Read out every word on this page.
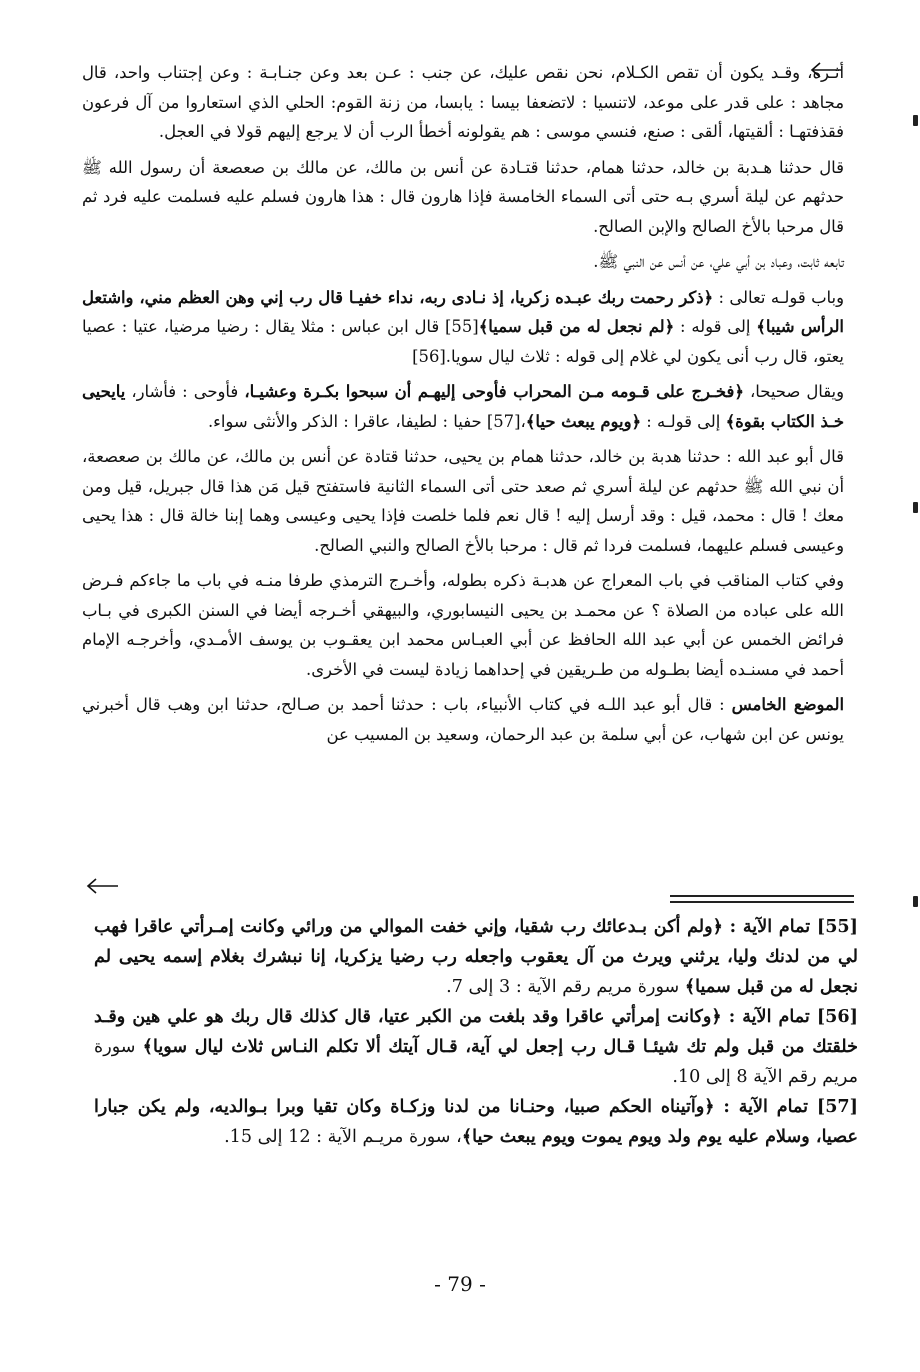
أثـره، وقـد يكون أن تقص الكـلام، نحن نقص عليك، عن جنب : عـن بعد وعن جنـابـة : وعن إجتناب واحد، قال مجاهد : على قدر على موعد، لاتنسيا : لاتضعفا بيسا : يابسا، من زنة القوم: الحلي الذي استعاروا من آل فرعون فقذفتهـا : ألقيتها، ألقى : صنع، فنسي موسى : هم يقولونه أخطأ الرب أن لا يرجع إليهم قولا في العجل.

قال حدثنا هـدبة بن خالد، حدثنا همام، حدثنا قتـادة عن أنس بن مالك، عن مالك بن صعصعة أن رسول الله ﷺ حدثهم عن ليلة أسري بـه حتى أتى السماء الخامسة فإذا هارون قال : هذا هارون فسلم عليه فسلمت عليه فرد ثم قال مرحبا بالأخ الصالح والإبن الصالح.

تابعه ثابت، وعباد بن أبي علي، عن أنس عن النبي ﷺ.

وباب قولـه تعالى : ﴿ذكر رحمت ربك عبـده زكريا، إذ نـادى ربه، نداء خفيـا قال رب إني وهن العظم مني، واشتعل الرأس شيبا﴾ إلى قوله : ﴿لم نجعل له من قبل سميا﴾[55] قال ابن عباس : مثلا يقال : رضيا مرضيا، عتيا : عصيا يعتو، قال رب أنى يكون لي غلام إلى قوله : ثلاث ليال سويا.[56]

ويقال صحيحا، ﴿فخـرج على قـومه مـن المحراب فأوحى إليهـم أن سبحوا بكـرة وعشيـا، فأوحى : فأشار، يايحيى خـذ الكتاب بقوة﴾ إلى قولـه : ﴿ويوم يبعث حيا﴾،[57] حفيا : لطيفا، عاقرا : الذكر والأنثى سواء.

قال أبو عبد الله : حدثنا هدبة بن خالد، حدثنا همام بن يحيى، حدثنا قتادة عن أنس بن مالك، عن مالك بن صعصعة، أن نبي الله ﷺ حدثهم عن ليلة أسري ثم صعد حتى أتى السماء الثانية فاستفتح قيل مَن هذا قال جبريل، قيل ومن معك ! قال : محمد، قيل : وقد أرسل إليه ! قال نعم فلما خلصت فإذا يحيى وعيسى وهما إبنا خالة قال : هذا يحيى وعيسى فسلم عليهما، فسلمت فردا ثم قال : مرحبا بالأخ الصالح والنبي الصالح.

وفي كتاب المناقب في باب المعراج عن هدبـة ذكره بطوله، وأخـرج الترمذي طرفا منـه في باب ما جاءكم فـرض الله على عباده من الصلاة ؟ عن محمـد بن يحيى النيسابوري، والبيهقي أخـرجه أيضا في السنن الكبرى في بـاب فرائض الخمس عن أبي عبد الله الحافظ عن أبي العبـاس محمد ابن يعقـوب بن يوسف الأمـدي، وأخرجـه الإمام أحمد في مسنـده أيضا بطـوله من طـريقين في إحداهما زيادة ليست في الأخرى.

الموضع الخامس : قال أبو عبد اللـه في كتاب الأنبياء، باب : حدثنا أحمد بن صـالح، حدثنا ابن وهب قال أخبرني يونس عن ابن شهاب، عن أبي سلمة بن عبد الرحمان، وسعيد بن المسيب عن

[55] تمام الآية : ﴿ولم أكن بـدعائك رب شقيا، وإني خفت الموالي من ورائي وكانت إمـرأتي عاقرا فهب لي من لدنك وليا، يرثني ويرث من آل يعقوب واجعله رب رضيا يزكريا، إنا نبشرك بغلام إسمه يحيى لم نجعل له من قبل سميا﴾ سورة مريم رقم الآية : 3 إلى 7.

[56] تمام الآية : ﴿وكانت إمرأتي عاقرا وقد بلغت من الكبر عتيا، قال كذلك قال ربك هو علي هين وقـد خلقتك من قبل ولم تك شيئـا قـال رب إجعل لي آية، قـال آيتك ألا تكلم النـاس ثلاث ليال سويا﴾ سورة مريم رقم الآية 8 إلى 10.

[57] تمام الآية : ﴿وآتيناه الحكم صبيا، وحنـانا من لدنا وزكـاة وكان تقيا وبرا بـوالديه، ولم يكن جبارا عصيا، وسلام عليه يوم ولد ويوم يموت ويوم يبعث حيا﴾، سورة مريـم الآية : 12 إلى 15.

- 79 -
